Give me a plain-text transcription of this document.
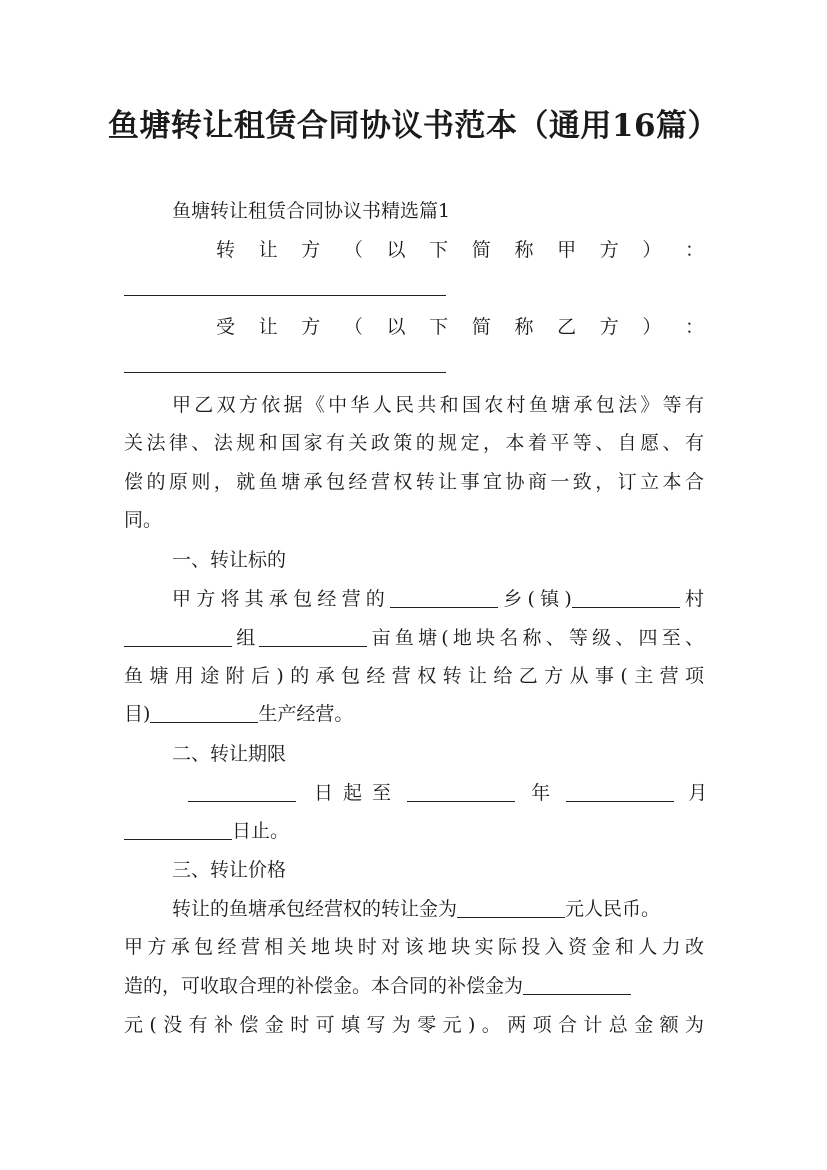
鱼塘转让租赁合同协议书范本（通用16篇）
鱼塘转让租赁合同协议书精选篇1
转 让 方 （ 以 下 简 称 甲 方 ） ：
受 让 方 （ 以 下 简 称 乙 方 ） ：
甲乙双方依据《中华人民共和国农村鱼塘承包法》等有
关法律、法规和国家有关政策的规定，本着平等、自愿、有
偿的原则，就鱼塘承包经营权转让事宜协商一致，订立本合
同。
一、转让标的
甲方将其承包经营的	乡(镇)	村
组	亩鱼塘(地块名称、等级、四至、
鱼塘用途附后)的承包经营权转让给乙方从事(主营项
目)	生产经营。
二、转让期限
日起至	年	月
日止。
三、转让价格
转让的鱼塘承包经营权的转让金为	元人民币。
甲方承包经营相关地块时对该地块实际投入资金和人力改
造的，可收取合理的补偿金。本合同的补偿金为
元(没有补偿金时可填写为零元)。两项合计总金额为
